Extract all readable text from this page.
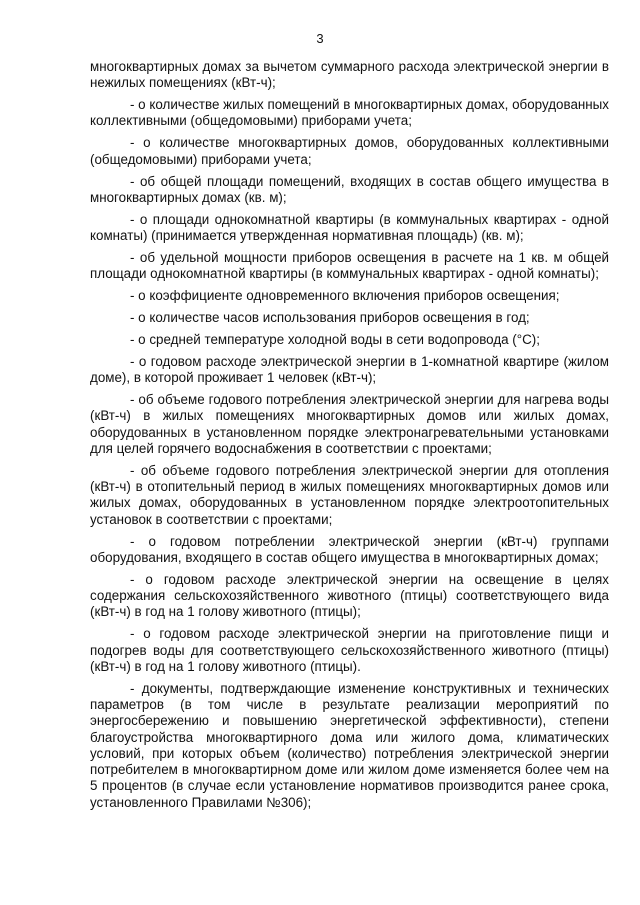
3

многоквартирных домах за вычетом суммарного расхода электрической энергии в нежилых помещениях (кВт-ч);

- о количестве жилых помещений в многоквартирных домах, оборудованных коллективными (общедомовыми) приборами учета;

- о количестве многоквартирных домов, оборудованных коллективными (общедомовыми) приборами учета;

- об общей площади помещений, входящих в состав общего имущества в многоквартирных домах (кв. м);

- о площади однокомнатной квартиры (в коммунальных квартирах - одной комнаты) (принимается утвержденная нормативная площадь) (кв. м);

- об удельной мощности приборов освещения в расчете на 1 кв. м общей площади однокомнатной квартиры (в коммунальных квартирах - одной комнаты);

- о коэффициенте одновременного включения приборов освещения;

- о количестве часов использования приборов освещения в год;

- о средней температуре холодной воды в сети водопровода (°C);

- о годовом расходе электрической энергии в 1-комнатной квартире (жилом доме), в которой проживает 1 человек (кВт-ч);

- об объеме годового потребления электрической энергии для нагрева воды (кВт-ч) в жилых помещениях многоквартирных домов или жилых домах, оборудованных в установленном порядке электронагревательными установками для целей горячего водоснабжения в соответствии с проектами;

- об объеме годового потребления электрической энергии для отопления (кВт-ч) в отопительный период в жилых помещениях многоквартирных домов или жилых домах, оборудованных в установленном порядке электроотопительных установок в соответствии с проектами;

- о годовом потреблении электрической энергии (кВт-ч) группами оборудования, входящего в состав общего имущества в многоквартирных домах;

- о годовом расходе электрической энергии на освещение в целях содержания сельскохозяйственного животного (птицы) соответствующего вида (кВт-ч) в год на 1 голову животного (птицы);

- о годовом расходе электрической энергии на приготовление пищи и подогрев воды для соответствующего сельскохозяйственного животного (птицы) (кВт-ч) в год на 1 голову животного (птицы).

- документы, подтверждающие изменение конструктивных и технических параметров (в том числе в результате реализации мероприятий по энергосбережению и повышению энергетической эффективности), степени благоустройства многоквартирного дома или жилого дома, климатических условий, при которых объем (количество) потребления электрической энергии потребителем в многоквартирном доме или жилом доме изменяется более чем на 5 процентов (в случае если установление нормативов производится ранее срока, установленного Правилами №306);
